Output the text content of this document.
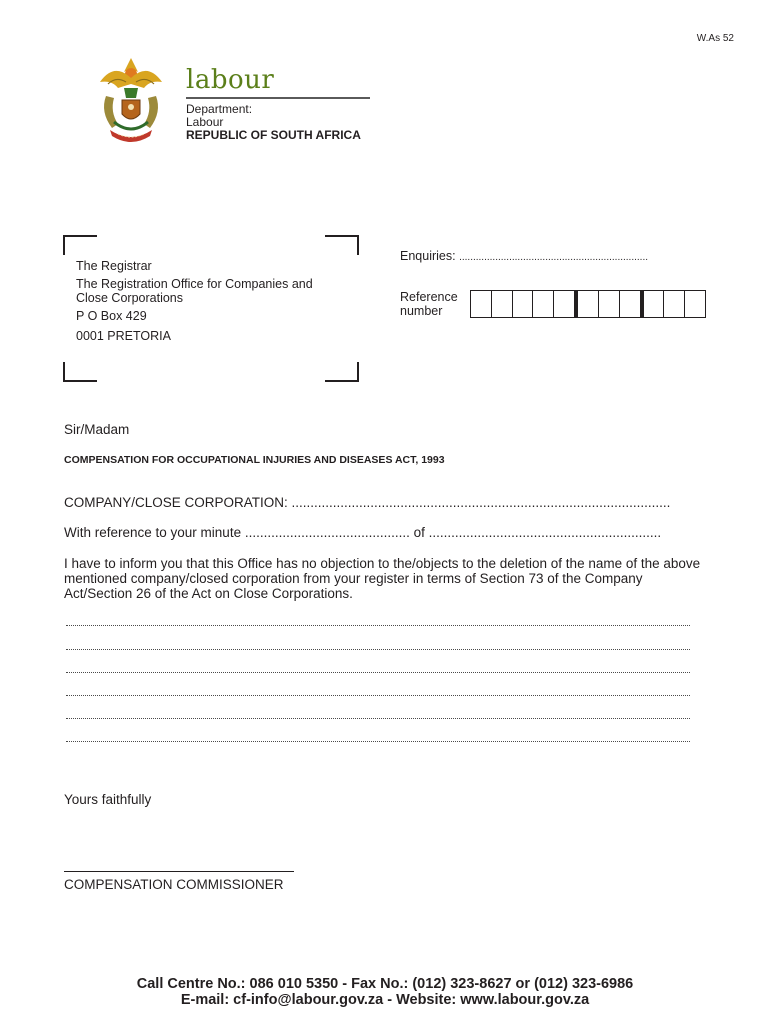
W.As 52
labour
Department:
Labour
REPUBLIC OF SOUTH AFRICA
The Registrar
The Registration Office for Companies and Close Corporations
P O Box 429
0001 PRETORIA
Enquiries: ....................................................................
Reference
number
Sir/Madam
COMPENSATION FOR OCCUPATIONAL INJURIES AND DISEASES ACT, 1993
COMPANY/CLOSE CORPORATION: .....................................................................................................
With reference to your minute ............................................ of ..............................................................
I have to inform you that this Office has no objection to the/objects to the deletion of the name of the above mentioned company/closed corporation from your register in terms of Section 73 of the Company Act/Section 26 of the Act on Close Corporations.
Yours faithfully
COMPENSATION COMMISSIONER
Call Centre No.: 086 010 5350 - Fax No.: (012) 323-8627 or (012) 323-6986
E-mail: cf-info@labour.gov.za - Website: www.labour.gov.za
